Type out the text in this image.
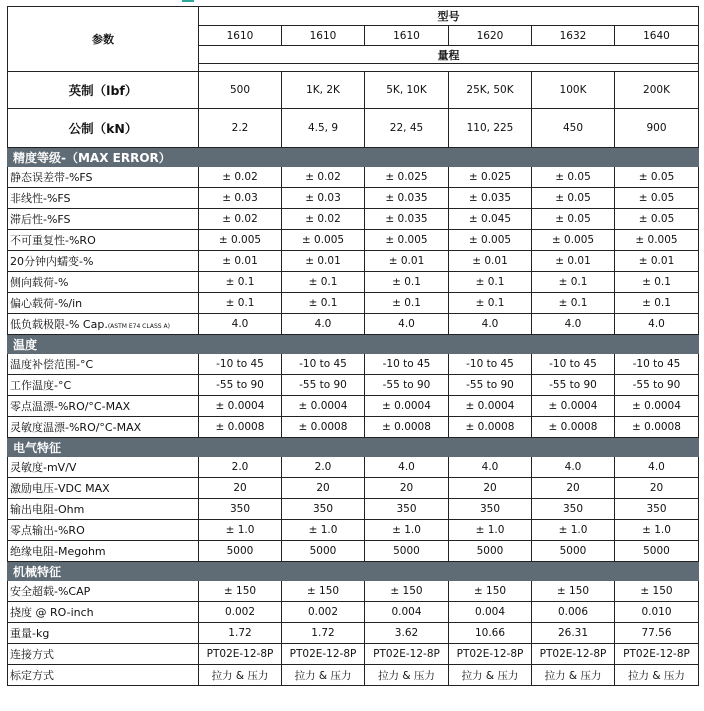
参数	型号					
	1610	1610	1610	1620	1632	1640
	量程					

英制（lbf）	500	1K, 2K	5K, 10K	25K, 50K	100K	200K
公制（kN）	2.2	4.5, 9	22, 45	110, 225	450	900
精度等级-（MAX ERROR）						
静态误差带-%FS	± 0.02	± 0.02	± 0.025	± 0.025	± 0.05	± 0.05
非线性-%FS	± 0.03	± 0.03	± 0.035	± 0.035	± 0.05	± 0.05
滞后性-%FS	± 0.02	± 0.02	± 0.035	± 0.045	± 0.05	± 0.05
不可重复性-%RO	± 0.005	± 0.005	± 0.005	± 0.005	± 0.005	± 0.005
20分钟内蠕变-%	± 0.01	± 0.01	± 0.01	± 0.01	± 0.01	± 0.01
侧向载荷-%	± 0.1	± 0.1	± 0.1	± 0.1	± 0.1	± 0.1
偏心载荷-%/in	± 0.1	± 0.1	± 0.1	± 0.1	± 0.1	± 0.1
低负载极限-% Cap.(ASTM E74 CLASS A)	4.0	4.0	4.0	4.0	4.0	4.0
温度						
温度补偿范围-°C	-10 to 45	-10 to 45	-10 to 45	-10 to 45	-10 to 45	-10 to 45
工作温度-°C	-55 to 90	-55 to 90	-55 to 90	-55 to 90	-55 to 90	-55 to 90
零点温漂-%RO/°C-MAX	± 0.0004	± 0.0004	± 0.0004	± 0.0004	± 0.0004	± 0.0004
灵敏度温漂-%RO/°C-MAX	± 0.0008	± 0.0008	± 0.0008	± 0.0008	± 0.0008	± 0.0008
电气特征						
灵敏度-mV/V	2.0	2.0	4.0	4.0	4.0	4.0
激励电压-VDC MAX	20	20	20	20	20	20
输出电阻-Ohm	350	350	350	350	350	350
零点输出-%RO	± 1.0	± 1.0	± 1.0	± 1.0	± 1.0	± 1.0
绝缘电阻-Megohm	5000	5000	5000	5000	5000	5000
机械特征						
安全超载-%CAP	± 150	± 150	± 150	± 150	± 150	± 150
挠度 @ RO-inch	0.002	0.002	0.004	0.004	0.006	0.010
重量-kg	1.72	1.72	3.62	10.66	26.31	77.56
连接方式	PT02E-12-8P	PT02E-12-8P	PT02E-12-8P	PT02E-12-8P	PT02E-12-8P	PT02E-12-8P
标定方式	拉力 & 压力	拉力 & 压力	拉力 & 压力	拉力 & 压力	拉力 & 压力	拉力 & 压力
